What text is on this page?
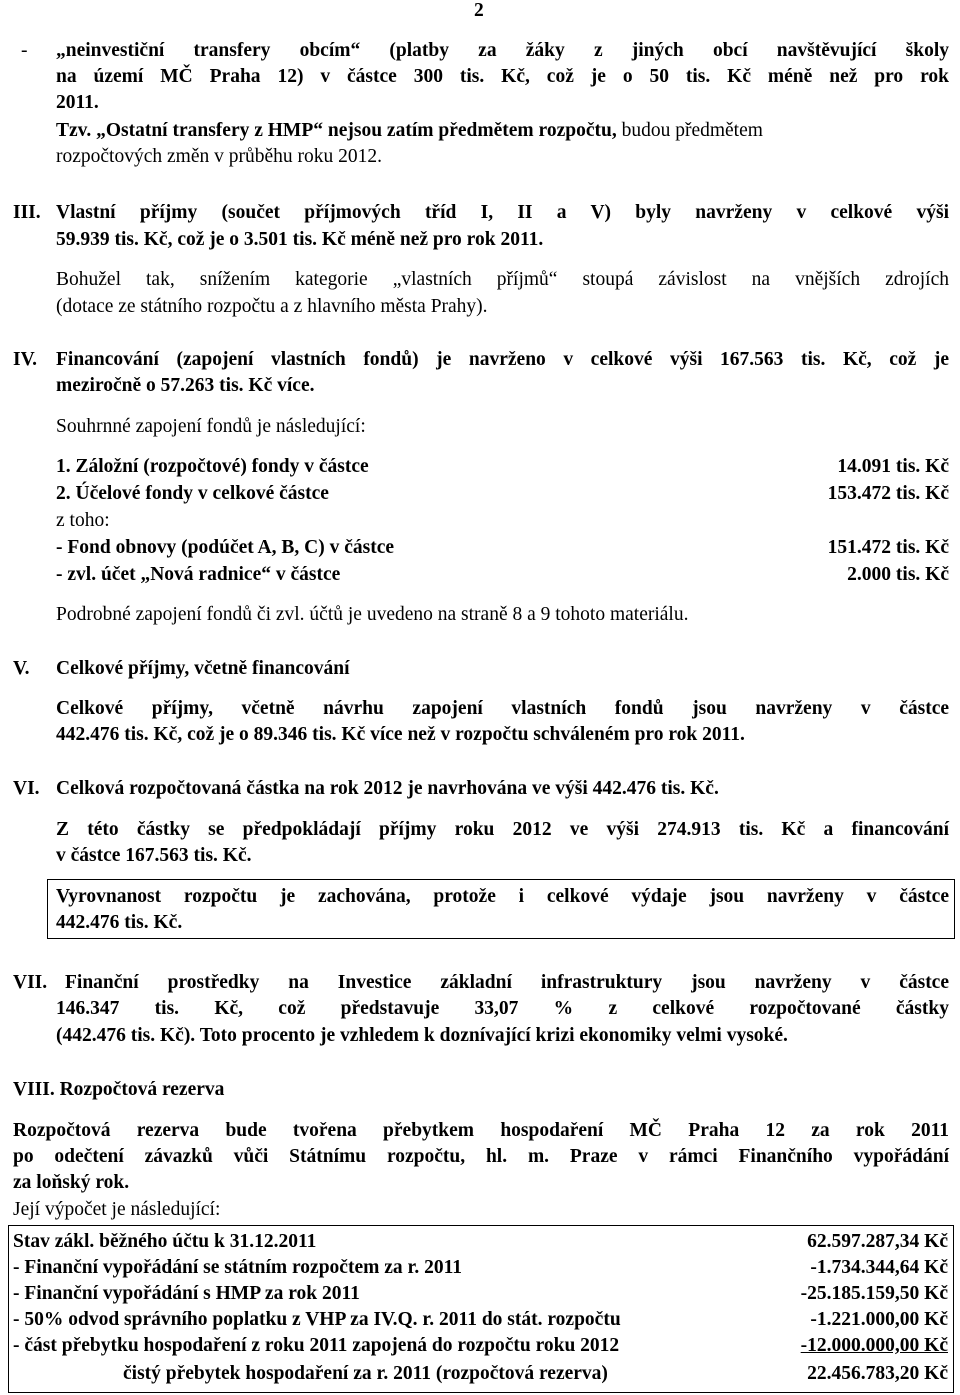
2
- „neinvestiční transfery obcím“ (platby za žáky z jiných obcí navštěvující školy
na území MČ Praha 12) v částce 300 tis. Kč, což je o 50 tis. Kč méně než pro rok
2011.
Tzv. „Ostatní transfery z HMP“ nejsou zatím předmětem rozpočtu, budou předmětem
rozpočtových změn v průběhu roku 2012.
III. Vlastní příjmy (součet příjmových tříd I, II a V) byly navrženy v celkové výši
59.939 tis. Kč, což je o 3.501 tis. Kč méně než pro rok 2011.
Bohužel tak, snížením kategorie „vlastních příjmů“ stoupá závislost na vnějších zdrojích
(dotace ze státního rozpočtu a z hlavního města Prahy).
IV. Financování (zapojení vlastních fondů) je navrženo v celkové výši 167.563 tis. Kč, což je
meziročně o 57.263 tis. Kč více.
Souhrnné zapojení fondů je následující:
1. Záložní (rozpočtové) fondy v částce	14.091 tis. Kč
2. Účelové fondy v celkové částce	153.472 tis. Kč
z toho:
- Fond obnovy (podúčet A, B, C) v částce	151.472 tis. Kč
- zvl. účet „Nová radnice“ v částce	2.000 tis. Kč
Podrobné zapojení fondů či zvl. účtů je uvedeno na straně 8 a 9 tohoto materiálu.
V. Celkové příjmy, včetně financování
Celkové příjmy, včetně návrhu zapojení vlastních fondů jsou navrženy v částce
442.476 tis. Kč, což je o 89.346 tis. Kč více než v rozpočtu schváleném pro rok 2011.
VI. Celková rozpočtovaná částka na rok 2012 je navrhována ve výši 442.476 tis. Kč.
Z této částky se předpokládají příjmy roku 2012 ve výši 274.913 tis. Kč a financování
v částce 167.563 tis. Kč.
Vyrovnanost rozpočtu je zachována, protože i celkové výdaje jsou navrženy v částce
442.476 tis. Kč.
VII. Finanční prostředky na Investice základní infrastruktury jsou navrženy v částce
146.347 tis. Kč, což představuje 33,07 % z celkové rozpočtované částky
(442.476 tis. Kč). Toto procento je vzhledem k doznívající krizi ekonomiky velmi vysoké.
VIII. Rozpočtová rezerva
Rozpočtová rezerva bude tvořena přebytkem hospodaření MČ Praha 12 za rok 2011
po odečtení závazků vůči Státnímu rozpočtu, hl. m. Praze v rámci Finančního vypořádání
za loňský rok.
Její výpočet je následující:
Stav zákl. běžného účtu k 31.12.2011	62.597.287,34 Kč
- Finanční vypořádání se státním rozpočtem za r. 2011	-1.734.344,64 Kč
- Finanční vypořádání s HMP za rok 2011	-25.185.159,50 Kč
- 50% odvod správního poplatku z VHP za IV.Q. r. 2011 do stát. rozpočtu	-1.221.000,00 Kč
- část přebytku hospodaření z roku 2011 zapojená do rozpočtu roku 2012	-12.000.000,00 Kč
čistý přebytek hospodaření za r. 2011 (rozpočtová rezerva)	22.456.783,20 Kč
